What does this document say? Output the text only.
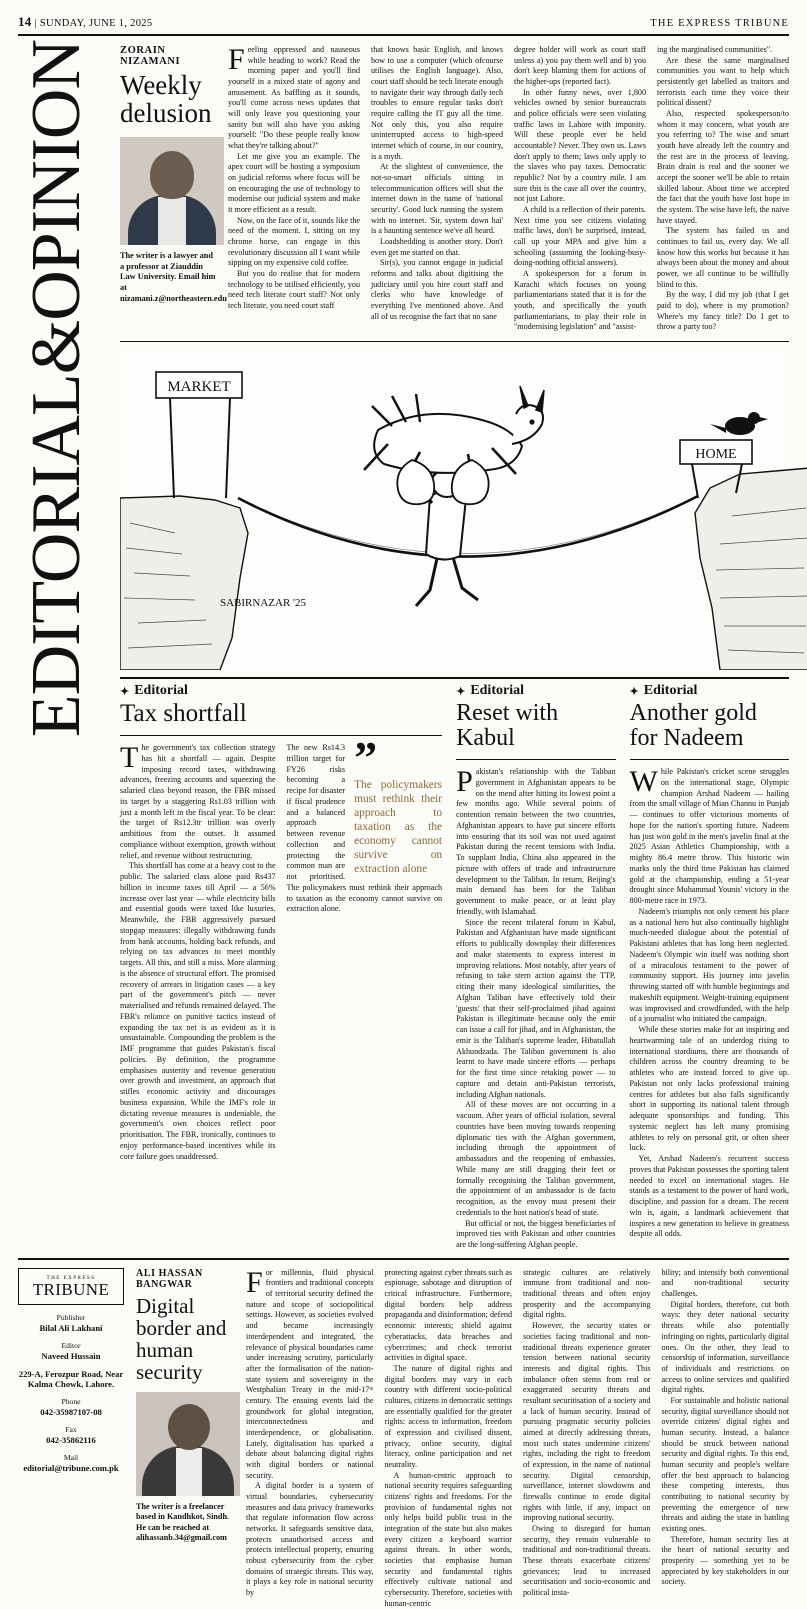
14 | SUNDAY, JUNE 1, 2025	THE EXPRESS TRIBUNE
EDITORIAL&OPINION ZORAIN NIZAMANI
Weekly delusion
The writer is a lawyer and a professor at Ziauddin Law University. Email him at nizamani.z@northeastern.edu

Feeling oppressed and nauseous while heading to work? Read the morning paper and you'll find yourself in a mixed state of agony and amusement. As baffling as it sounds, you'll come across news updates that will only leave you questioning your sanity but will also have you asking yourself: "Do these people really know what they're talking about?"

Let me give you an example. The apex court will be hosting a symposium on judicial reforms where focus will be on encouraging the use of technology to modernise our judicial system and make it more efficient as a result.

Now, on the face of it, sounds like the need of the moment. I, sitting on my chrome horse, can engage in this revolutionary discussion all I want while sipping on my expensive cold coffee.

But you do realise that for modern technology to be utilised efficiently, you need tech literate court staff? Not only tech literate, you need court staff

that knows basic English, and knows how to use a computer (which ofcourse utilises the English language). Also, court staff should be tech literate enough to navigate their way through daily tech troubles to ensure regular tasks don't require calling the IT guy all the time. Not only this, you also require uninterrupted access to high-speed internet which of course, in our country, is a myth.

At the slightest of convenience, the not-so-smart officials sitting in telecommunication offices will shut the internet down in the name of 'national security'. Good luck running the system with no internet. 'Sir, system down hai' is a haunting sentence we've all heard.

Loadshedding is another story. Don't even get me started on that.

Sir(s), you cannot engage in judicial reforms and talks about digitising the judiciary until you hire court staff and clerks who have knowledge of everything I've mentioned above. And all of us recognise the fact that no sane

degree holder will work as court staff unless a) you pay them well and b) you don't keep blaming them for actions of the higher-ups (reported fact).

In other funny news, over 1,800 vehicles owned by senior bureaucrats and police officials were seen violating traffic laws in Lahore with impunity. Will these people ever be held accountable? Never. They own us. Laws don't apply to them; laws only apply to the slaves who pay taxes. Democratic republic? Not by a country mile. I am sure this is the case all over the country, not just Lahore.

A child is a reflection of their parents. Next time you see citizens violating traffic laws, don't be surprised, instead, call up your MPA and give him a schooling (assuming the looking-busy-doing-nothing official answers).

A spokesperson for a forum in Karachi which focuses on young parliamentarians stated that it is for the youth, and specifically the youth parliamentarians, to play their role in "modernising legislation" and "assist-

ing the marginalised communities".

Are these the same marginalised communities you want to help which persistently get labelled as traitors and terrorists each time they voice their political dissent?

Also, respected spokesperson/to whom it may concern, what youth are you referring to? The wise and smart youth have already left the country and the rest are in the process of leaving. Brain drain is real and the sooner we accept the sooner we'll be able to retain skilled labour. About time we accepted the fact that the youth have lost hope in the system. The wise have left, the naive have stayed.

The system has failed us and continues to fail us, every day. We all know how this works but because it has always been about the money and about power, we all continue to be willfully blind to this.

By the way, I did my job (that I get paid to do), where is my promotion? Where's my fancy title? Do I get to throw a party too?

MARKET
HOME
SABIRNAZAR '25
✦ Editorial
Tax shortfall

The government's tax collection strategy has hit a shortfall — again. Despite imposing record taxes, withdrawing advances, freezing accounts and squeezing the salaried class beyond reason, the FBR missed its target by a staggering Rs1.03 trillion with just a month left in the fiscal year. To be clear: the target of Rs12.3tr trillion was overly ambitious from the outset. It assumed compliance without exemption, growth without relief, and revenue without restructuring.

This shortfall has come at a heavy cost to the public. The salaried class alone paid Rs437 billion in income taxes till April — a 56% increase over last year — while electricity bills and essential goods were taxed like luxuries. Meanwhile, the FBR aggressively pursued stopgap measures: illegally withdrawing funds from bank accounts, holding back refunds, and relying on tax advances to meet monthly targets. All this, and still a miss. More alarming is the absence of structural effort. The promised recovery of arrears in litigation cases — a key part of the government's pitch — never materialised and refunds remained delayed. The FBR's reliance on punitive tactics instead of expanding the tax net is as evident as it is unsustainable. Compounding the problem is the IMF programme that guides Pakistan's fiscal policies. By definition, the programme emphasises austerity and revenue generation over growth and investment, an approach that stifles economic activity and discourages business expansion. While the IMF's role in dictating revenue measures is undeniable, the government's own choices reflect poor prioritisation. The FBR, ironically, continues to enjoy performance-based incentives while its core failure goes unaddressed.

”
The policymakers must rethink their approach to taxation as the economy cannot survive on extraction alone

The new Rs14.3 trillion target for FY26 risks becoming a recipe for disaster if fiscal prudence and a balanced approach between revenue collection and protecting the common man are not prioritised. The policymakers must rethink their approach to taxation as the economy cannot survive on extraction alone.

✦ Editorial
Reset with Kabul

Pakistan's relationship with the Taliban government in Afghanistan appears to be on the mend after hitting its lowest point a few months ago. While several points of contention remain between the two countries, Afghanistan appears to have put sincere efforts into ensuring that its soil was not used against Pakistan during the recent tensions with India. To supplant India, China also appeared in the picture with offers of trade and infrastructure development to the Taliban. In return, Beijing's main demand has been for the Taliban government to make peace, or at least play friendly, with Islamabad.

Since the recent trilateral forum in Kabul, Pakistan and Afghanistan have made significant efforts to publically downplay their differences and make statements to express interest in improving relations. Most notably, after years of refusing to take stern action against the TTP, citing their many ideological similarities, the Afghan Taliban have effectively told their 'guests' that their self-proclaimed jihad against Pakistan is illegitimate because only the emir can issue a call for jihad, and in Afghanistan, the emir is the Taliban's supreme leader, Hibatullah Akhundzada. The Taliban government is also learnt to have made sincere efforts — perhaps for the first time since retaking power — to capture and detain anti-Pakistan terrorists, including Afghan nationals.

All of these moves are not occurring in a vacuum. After years of official isolation, several countries have been moving towards reopening diplomatic ties with the Afghan government, including through the appointment of ambassadors and the reopening of embassies. While many are still dragging their feet or formally recognising the Taliban government, the appointment of an ambassador is de facto recognition, as the envoy must present their credentials to the host nation's head of state.

But official or not, the biggest beneficiaries of improved ties with Pakistan and other countries are the long-suffering Afghan people.

✦ Editorial
Another gold for Nadeem

While Pakistan's cricket scene struggles on the international stage, Olympic champion Arshad Nadeem — hailing from the small village of Mian Channu in Punjab — continues to offer victorious moments of hope for the nation's sporting future. Nadeem has just won gold in the men's javelin final at the 2025 Asian Athletics Championship, with a mighty 86.4 metre throw. This historic win marks only the third time Pakistan has claimed gold at the championship, ending a 51-year drought since Muhammad Younis' victory in the 800-metre race in 1973.

Nadeem's triumphs not only cement his place as a national hero but also continually highlight much-needed dialogue about the potential of Pakistani athletes that has long been neglected. Nadeem's Olympic win itself was nothing short of a miraculous testament to the power of community support. His journey into javelin throwing started off with humble beginnings and makeshift equipment. Weight-training equipment was improvised and crowdfunded, with the help of a journalist who initiated the campaign.

While these stories make for an inspiring and heartwarming tale of an underdog rising to international stardiums, there are thousands of children across the country dreaming to be athletes who are instead forced to give up. Pakistan not only lacks professional training centres for athletes but also falls significantly short in supporting its national talent through adequate sponsorships and funding. This systemic neglect has left many promising athletes to rely on personal grit, or often sheer luck.

Yet, Arshad Nadeem's recurrent success proves that Pakistan possesses the sporting talent needed to excel on international stages. He stands as a testament to the power of hard work, discipline, and passion for a dream. The recent win is, again, a landmark achievement that inspires a new generation to believe in greatness despite all odds.

THE EXPRESS
TRIBUNE
Publisher
Bilal Ali Lakhani
Editor
Naveed Hussain
229-A, Ferozpur Road, Near Kalma Chowk, Lahore.
Phone
042-35987107-08
Fax
042-35862116
Mail
editorial@tribune.com.pk
ALI HASSAN BANGWAR
Digital border and human security
The writer is a freelancer based in Kandhkot, Sindh. He can be reached at alihassanb.34@gmail.com

For millennia, fluid physical frontiers and traditional concepts of territorial security defined the nature and scope of sociopolitical settings. However, as societies evolved and became increasingly interdependent and integrated, the relevance of physical boundaries came under increasing scrutiny, particularly after the formalisation of the nation-state system and sovereignty in the Westphalian Treaty in the mid-17ᵗʰ century. The ensuing events laid the groundwork for global integration, interconnectedness and interdependence, or globalisation. Lately, digitalisation has sparked a debate about balancing digital rights with digital borders or national security.

A digital border is a system of virtual boundaries, cybersecurity measures and data privacy frameworks that regulate information flow across networks. It safeguards sensitive data, protects unauthorised access and protects intellectual property, ensuring robust cybersecurity from the cyber domains of strategic threats. This way, it plays a key role in national security by

protecting against cyber threats such as espionage, sabotage and disruption of critical infrastructure. Furthermore, digital borders help address propaganda and disinformation; defend economic interests; shield against cyberattacks, data breaches and cybercrimes; and check terrorist activities in digital space.

The nature of digital rights and digital borders may vary in each country with different socio-political cultures, citizens in democratic settings are essentially qualified for the greater rights: access to information, freedom of expression and civilised dissent, privacy, online security, digital literacy, online participation and net neutrality.

A human-centric approach to national security requires safeguarding citizens' rights and freedoms. For the provision of fundamental rights not only helps build public trust in the integration of the state but also makes every citizen a keyboard warrior against threats. In other words, societies that emphasise human security and fundamental rights effectively cultivate national and cybersecurity. Therefore, societies with human-centric

strategic cultures are relatively immune from traditional and non-traditional threats and often enjoy prosperity and the accompanying digital rights.

However, the security states or societies facing traditional and non-traditional threats experience greater tension between national security interests and digital rights. This imbalance often stems from real or exaggerated security threats and resultant securitisation of a society and a lack of human security. Instead of pursuing pragmatic security policies aimed at directly addressing threats, most such states undermine citizens' rights, including the right to freedom of expression, in the name of national security. Digital censorship, surveillance, internet slowdowns and firewalls continue to erode digital rights with little, if any, impact on improving national security.

Owing to disregard for human security, they remain vulnerable to traditional and non-traditional threats. These threats exacerbate citizens' grievances; lead to increased securitisation and socio-economic and political insta-

bility; and intensify both conventional and non-traditional security challenges.

Digital borders, therefore, cut both ways: they deter national security threats while also potentially infringing on rights, particularly digital ones. On the other, they lead to censorship of information, surveillance of individuals and restrictions on access to online services and qualified digital rights.

For sustainable and holistic national security, digital surveillance should not override citizens' digital rights and human security. Instead, a balance should be struck between national security and digital rights. To this end, human security and people's welfare offer the best approach to balancing these competing interests, thus contributing to national security by preventing the emergence of new threats and aiding the state in battling existing ones.

Therefore, human security lies at the heart of national security and prosperity — something yet to be appreciated by key stakeholders in our society.
